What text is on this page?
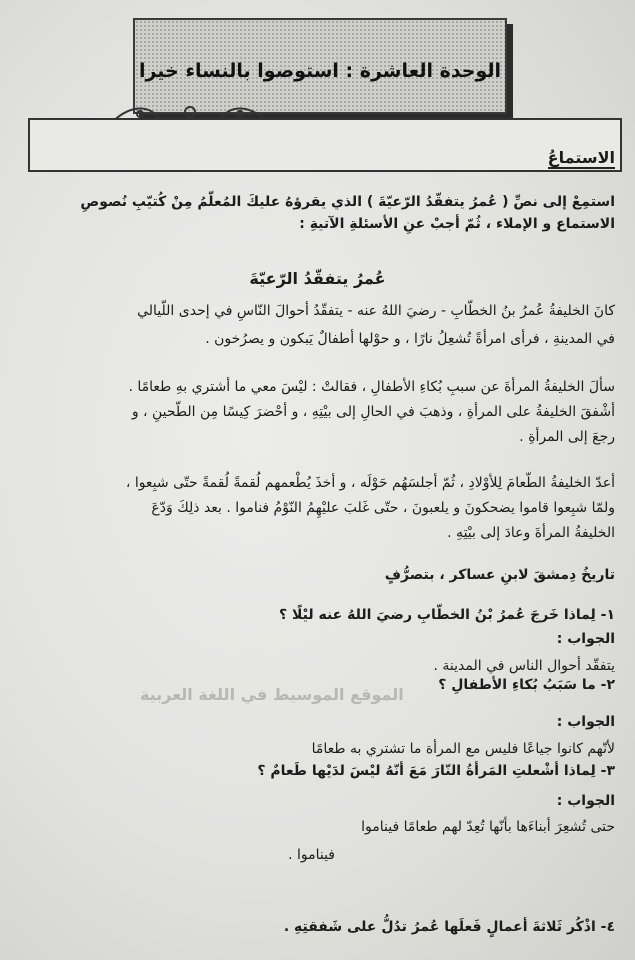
الوحدة العاشرة : استوصوا بالنساء خيرا
الاستماعُ
استمِعْ إلى نصِّ ( عُمرُ يتفقّدُ الرّعيّةَ ) الذي يقرؤهُ عليكَ المُعلّمُ مِنْ كُتيّبِ نُصوصِ
الاستماع و الإملاء ، ثُمّ أجبْ عنِ الأسئلةِ الآتيةِ :
عُمرُ يتفقّدُ الرّعيّةَ
كانَ الخليفةُ عُمرُ بنُ الخطّابِ - رضيَ اللهُ عنه - يتفقّدُ أحوالَ النّاسِ في إحدى اللّيالي
في المدينةِ ، فرأى امرأةً تُشعِلُ نارًا ، و حوْلها أطفالٌ يَبكون و يصرُخون .
سألَ الخليفةُ المرأةَ عن سببِ بُكاءِ الأطفالِ ، فقالتْ : ليْسَ معي ما أشتري بهِ طعامًا .
أشْفقَ الخليفةُ على المرأةِ ، وذهبَ في الحالِ إلى بيْتِهِ ، و أحْضرَ كِيسًا مِن الطّحينِ ، و
رجعَ إلى المرأةِ .
أعدّ الخليفةُ الطّعامَ لِلأوْلادِ ، ثُمّ أجلسَهُم حَوْلَه ، و أخذَ يُطْعمهم لُقمةً لُقمةً حتّى شبِعوا ،
ولمّا شبِعوا قاموا يضحكونَ و يلعبونَ ، حتّى غَلبَ عليْهِمُ النّوْمُ فناموا . بعد ذلِكَ وَدّعَ
الخليفةُ المرأةَ وعادَ إلى بيْتِهِ .
تاريخُ دِمشقَ لابنِ عساكر ، بتصرُّفٍ
١- لِماذا خَرجَ عُمرُ بْنُ الخطّابِ رضيَ اللهُ عنه ليْلًا ؟
الجواب :
يتفقّد أحوال الناس في المدينة .
٢- ما سَبَبُ بُكاءِ الأطفالِ ؟
الموقع الموسيط في اللغة العربية
الجواب :
لأنّهم كانوا جياعًا فليس مع المرأة ما تشتري به طعامًا
٣- لِماذا أشْعلتِ المَرأةُ النّارَ مَعَ أنّهُ ليْسَ لدَيْها طَعامٌ ؟
الجواب :
حتى تُشعِرَ أبناءَها بأنّها تُعِدّ لهم طعامًا فيناموا
فيناموا .
٤- اذْكُر ثَلاثةَ أعمالٍ فَعلَها عُمرُ تدُلُّ على شَفقتِهِ .
